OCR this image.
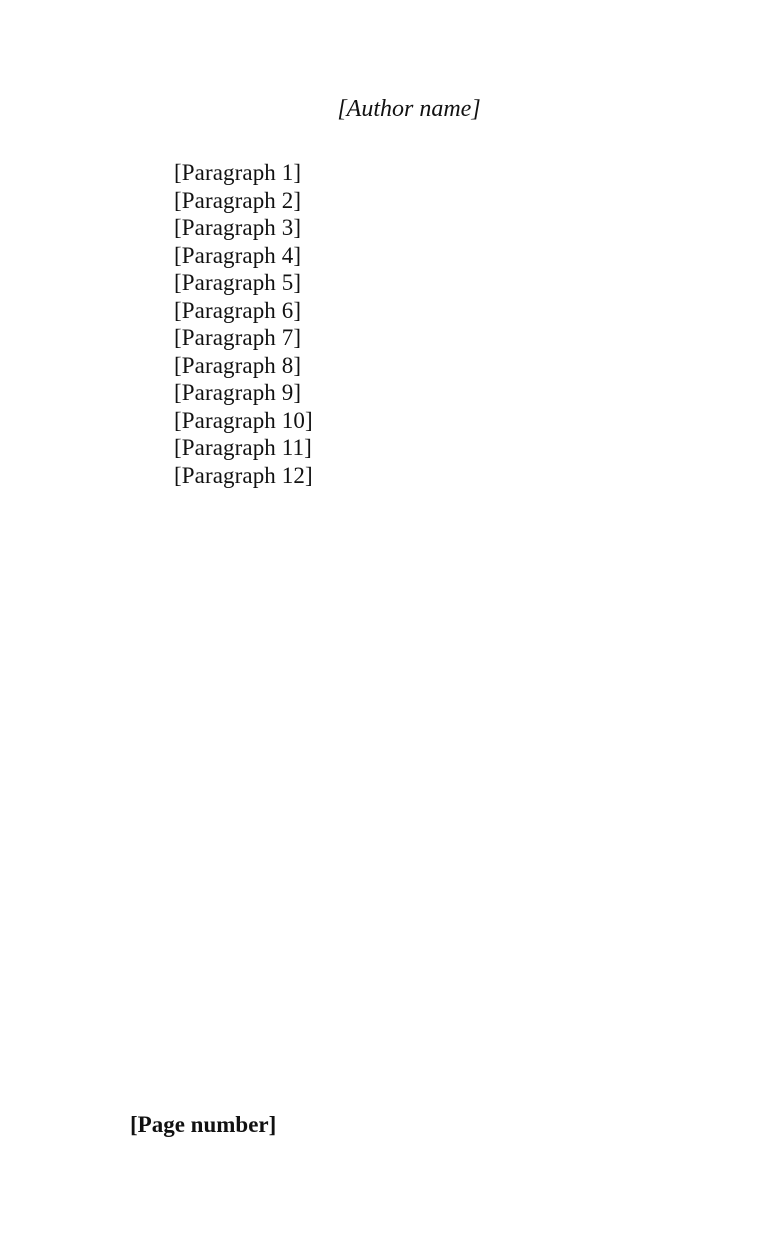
[Author name]

[Paragraph 1]

[Paragraph 2]

[Paragraph 3]

[Paragraph 4]

[Paragraph 5]

[Paragraph 6]

[Paragraph 7]

[Paragraph 8]

[Paragraph 9]

[Paragraph 10]

[Paragraph 11]

[Paragraph 12]

[Page number]
